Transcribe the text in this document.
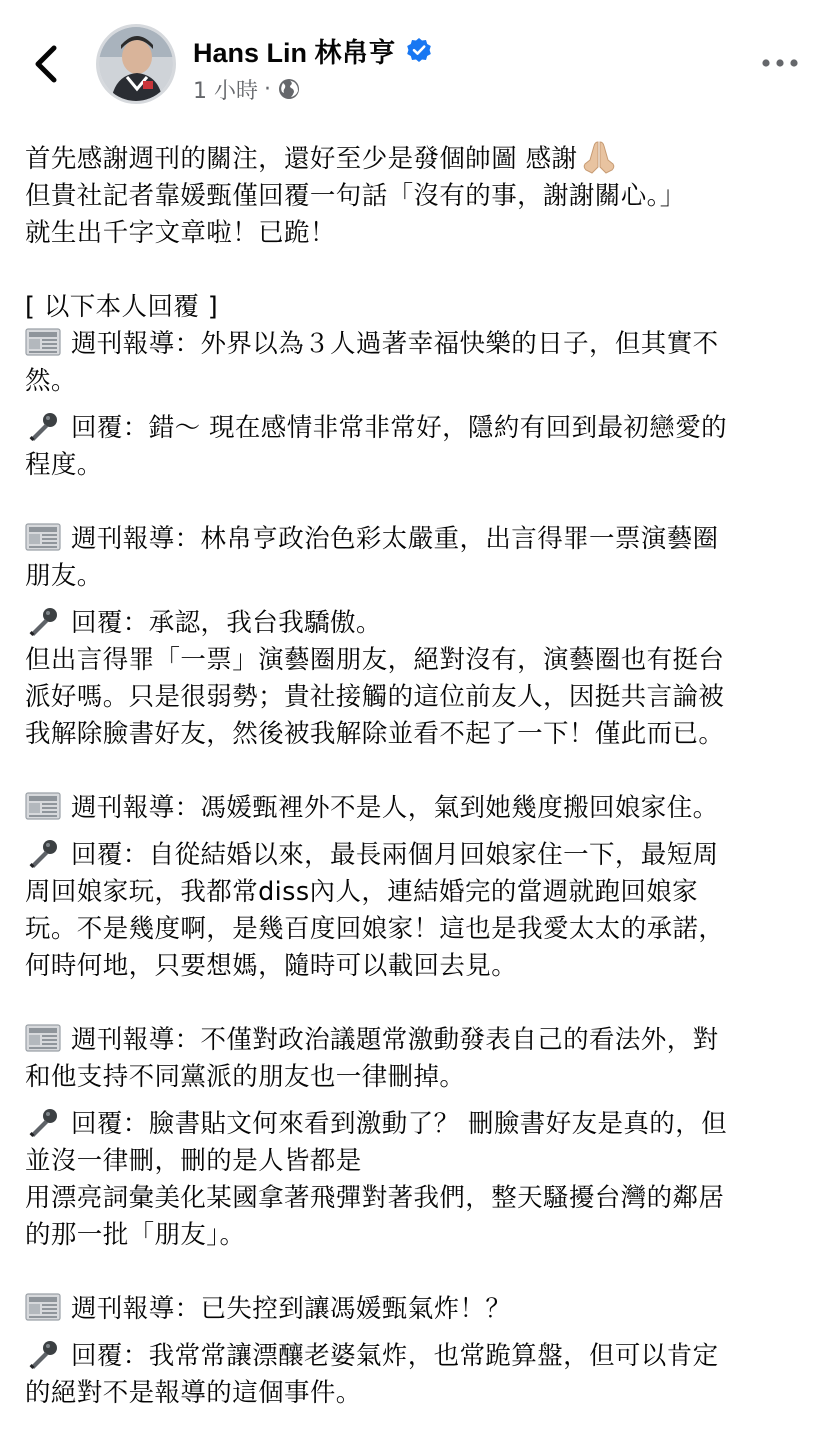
Hans Lin 林帛亨
1 小時 ·
首先感謝週刊的關注，還好至少是發個帥圖 感謝
但貴社記者靠媛甄僅回覆一句話「沒有的事，謝謝關心。」
就生出千字文章啦！已跪！
[ 以下本人回覆 ]
週刊報導：外界以為３人過著幸福快樂的日子，但其實不
然。
回覆：錯～ 現在感情非常非常好，隱約有回到最初戀愛的
程度。
週刊報導：林帛亨政治色彩太嚴重，出言得罪一票演藝圈
朋友。
回覆：承認，我台我驕傲。
但出言得罪「一票」演藝圈朋友，絕對沒有，演藝圈也有挺台
派好嗎。只是很弱勢；貴社接觸的這位前友人，因挺共言論被
我解除臉書好友，然後被我解除並看不起了一下！僅此而已。
週刊報導：馮媛甄裡外不是人，氣到她幾度搬回娘家住。
回覆：自從結婚以來，最長兩個月回娘家住一下，最短周
周回娘家玩，我都常diss內人，連結婚完的當週就跑回娘家
玩。不是幾度啊，是幾百度回娘家！這也是我愛太太的承諾，
何時何地，只要想媽，隨時可以載回去見。
週刊報導：不僅對政治議題常激動發表自己的看法外，對
和他支持不同黨派的朋友也一律刪掉。
回覆：臉書貼文何來看到激動了？ 刪臉書好友是真的，但
並沒一律刪，刪的是人皆都是
用漂亮詞彙美化某國拿著飛彈對著我們，整天騷擾台灣的鄰居
的那一批「朋友」。
週刊報導：已失控到讓馮媛甄氣炸！？
回覆：我常常讓漂釀老婆氣炸，也常跪算盤，但可以肯定
的絕對不是報導的這個事件。
